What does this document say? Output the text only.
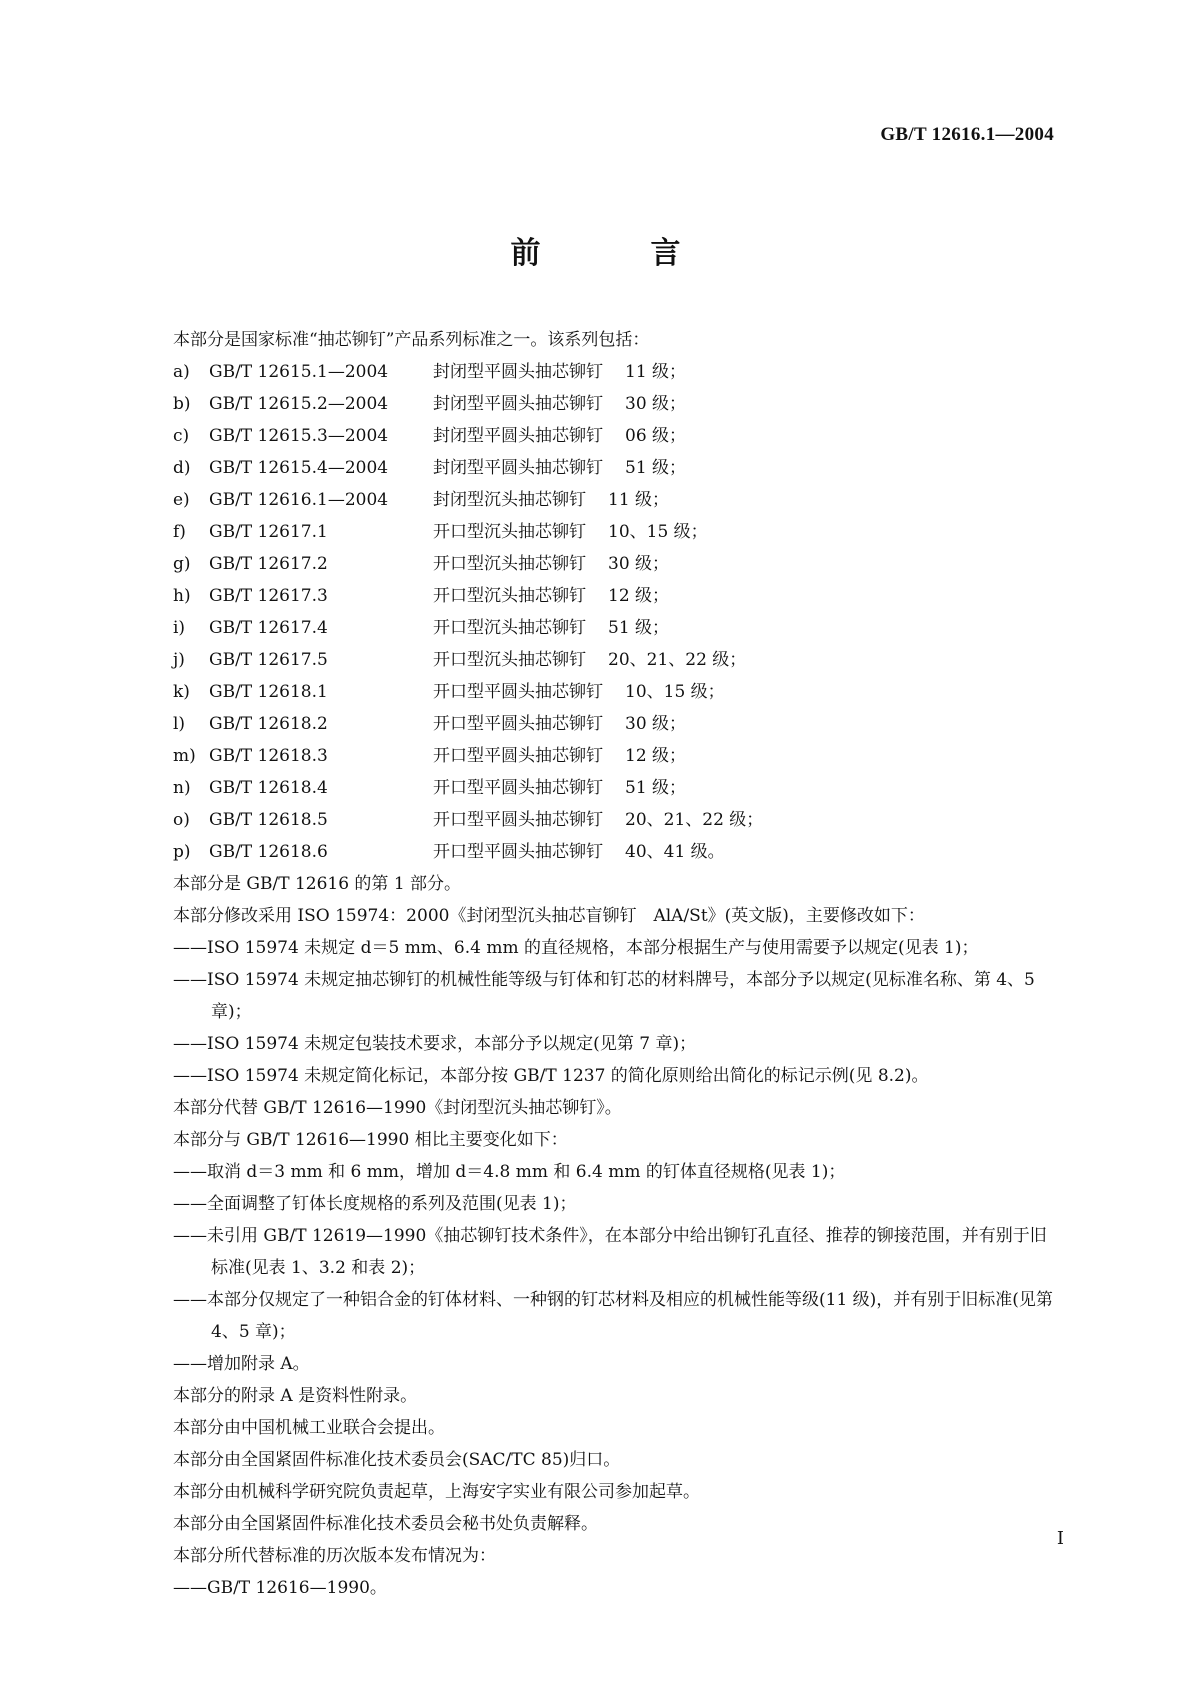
GB/T 12616.1—2004
前　言
本部分是国家标准“抽芯铆钉”产品系列标准之一。该系列包括：
a) GB/T 12615.1—2004	封闭型平圆头抽芯铆钉 11 级；
b) GB/T 12615.2—2004	封闭型平圆头抽芯铆钉 30 级；
c) GB/T 12615.3—2004	封闭型平圆头抽芯铆钉 06 级；
d) GB/T 12615.4—2004	封闭型平圆头抽芯铆钉 51 级；
e) GB/T 12616.1—2004	封闭型沉头抽芯铆钉 11 级；
f) GB/T 12617.1	开口型沉头抽芯铆钉 10、15 级；
g) GB/T 12617.2	开口型沉头抽芯铆钉 30 级；
h) GB/T 12617.3	开口型沉头抽芯铆钉 12 级；
i) GB/T 12617.4	开口型沉头抽芯铆钉 51 级；
j) GB/T 12617.5	开口型沉头抽芯铆钉 20、21、22 级；
k) GB/T 12618.1	开口型平圆头抽芯铆钉 10、15 级；
l) GB/T 12618.2	开口型平圆头抽芯铆钉 30 级；
m) GB/T 12618.3	开口型平圆头抽芯铆钉 12 级；
n) GB/T 12618.4	开口型平圆头抽芯铆钉 51 级；
o) GB/T 12618.5	开口型平圆头抽芯铆钉 20、21、22 级；
p) GB/T 12618.6	开口型平圆头抽芯铆钉 40、41 级。
本部分是 GB/T 12616 的第 1 部分。
本部分修改采用 ISO 15974：2000《封闭型沉头抽芯盲铆钉　AlA/St》(英文版)，主要修改如下：
——ISO 15974 未规定 d＝5 mm、6.4 mm 的直径规格，本部分根据生产与使用需要予以规定(见表 1)；
——ISO 15974 未规定抽芯铆钉的机械性能等级与钉体和钉芯的材料牌号，本部分予以规定(见标准名称、第 4、5 章)；
——ISO 15974 未规定包装技术要求，本部分予以规定(见第 7 章)；
——ISO 15974 未规定简化标记，本部分按 GB/T 1237 的简化原则给出简化的标记示例(见 8.2)。
本部分代替 GB/T 12616—1990《封闭型沉头抽芯铆钉》。
本部分与 GB/T 12616—1990 相比主要变化如下：
——取消 d＝3 mm 和 6 mm，增加 d＝4.8 mm 和 6.4 mm 的钉体直径规格(见表 1)；
——全面调整了钉体长度规格的系列及范围(见表 1)；
——未引用 GB/T 12619—1990《抽芯铆钉技术条件》，在本部分中给出铆钉孔直径、推荐的铆接范围，并有别于旧标准(见表 1、3.2 和表 2)；
——本部分仅规定了一种铝合金的钉体材料、一种钢的钉芯材料及相应的机械性能等级(11 级)，并有别于旧标准(见第 4、5 章)；
——增加附录 A。
本部分的附录 A 是资料性附录。
本部分由中国机械工业联合会提出。
本部分由全国紧固件标准化技术委员会(SAC/TC 85)归口。
本部分由机械科学研究院负责起草，上海安字实业有限公司参加起草。
本部分由全国紧固件标准化技术委员会秘书处负责解释。
本部分所代替标准的历次版本发布情况为：
——GB/T 12616—1990。
I
